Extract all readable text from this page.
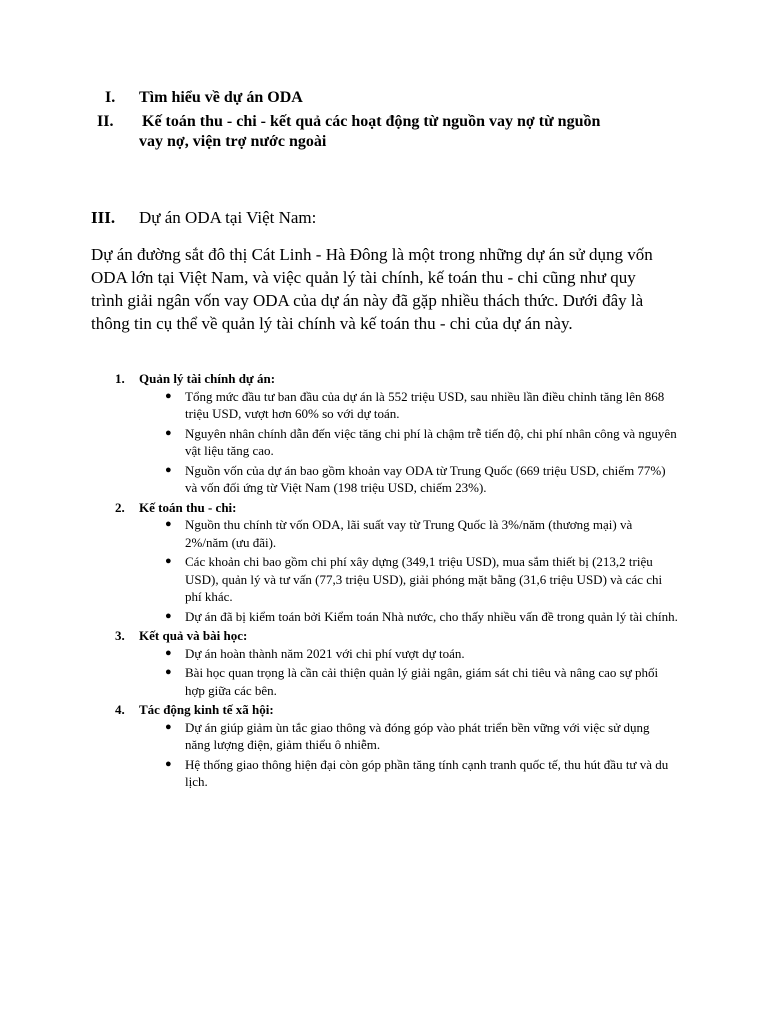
I. Tìm hiểu về dự án ODA
II. Kế toán thu - chi - kết quả các hoạt động từ nguồn vay nợ từ nguồn
vay nợ, viện trợ nước ngoài
III. Dự án ODA tại Việt Nam:

Dự án đường sắt đô thị Cát Linh - Hà Đông là một trong những dự án sử dụng vốn ODA lớn tại Việt Nam, và việc quản lý tài chính, kế toán thu - chi cũng như quy trình giải ngân vốn vay ODA của dự án này đã gặp nhiều thách thức. Dưới đây là thông tin cụ thể về quản lý tài chính và kế toán thu - chi của dự án này.

1. Quản lý tài chính dự án:
● Tổng mức đầu tư ban đầu của dự án là 552 triệu USD, sau nhiều lần điều chỉnh tăng lên 868 triệu USD, vượt hơn 60% so với dự toán.
● Nguyên nhân chính dẫn đến việc tăng chi phí là chậm trễ tiến độ, chi phí nhân công và nguyên vật liệu tăng cao.
● Nguồn vốn của dự án bao gồm khoản vay ODA từ Trung Quốc (669 triệu USD, chiếm 77%) và vốn đối ứng từ Việt Nam (198 triệu USD, chiếm 23%).
2. Kế toán thu - chi:
● Nguồn thu chính từ vốn ODA, lãi suất vay từ Trung Quốc là 3%/năm (thương mại) và 2%/năm (ưu đãi).
● Các khoản chi bao gồm chi phí xây dựng (349,1 triệu USD), mua sắm thiết bị (213,2 triệu USD), quản lý và tư vấn (77,3 triệu USD), giải phóng mặt bằng (31,6 triệu USD) và các chi phí khác.
● Dự án đã bị kiểm toán bởi Kiểm toán Nhà nước, cho thấy nhiều vấn đề trong quản lý tài chính.
3. Kết quả và bài học:
● Dự án hoàn thành năm 2021 với chi phí vượt dự toán.
● Bài học quan trọng là cần cải thiện quản lý giải ngân, giám sát chi tiêu và nâng cao sự phối hợp giữa các bên.
4. Tác động kinh tế xã hội:
● Dự án giúp giảm ùn tắc giao thông và đóng góp vào phát triển bền vững với việc sử dụng năng lượng điện, giảm thiểu ô nhiễm.
● Hệ thống giao thông hiện đại còn góp phần tăng tính cạnh tranh quốc tế, thu hút đầu tư và du lịch.
